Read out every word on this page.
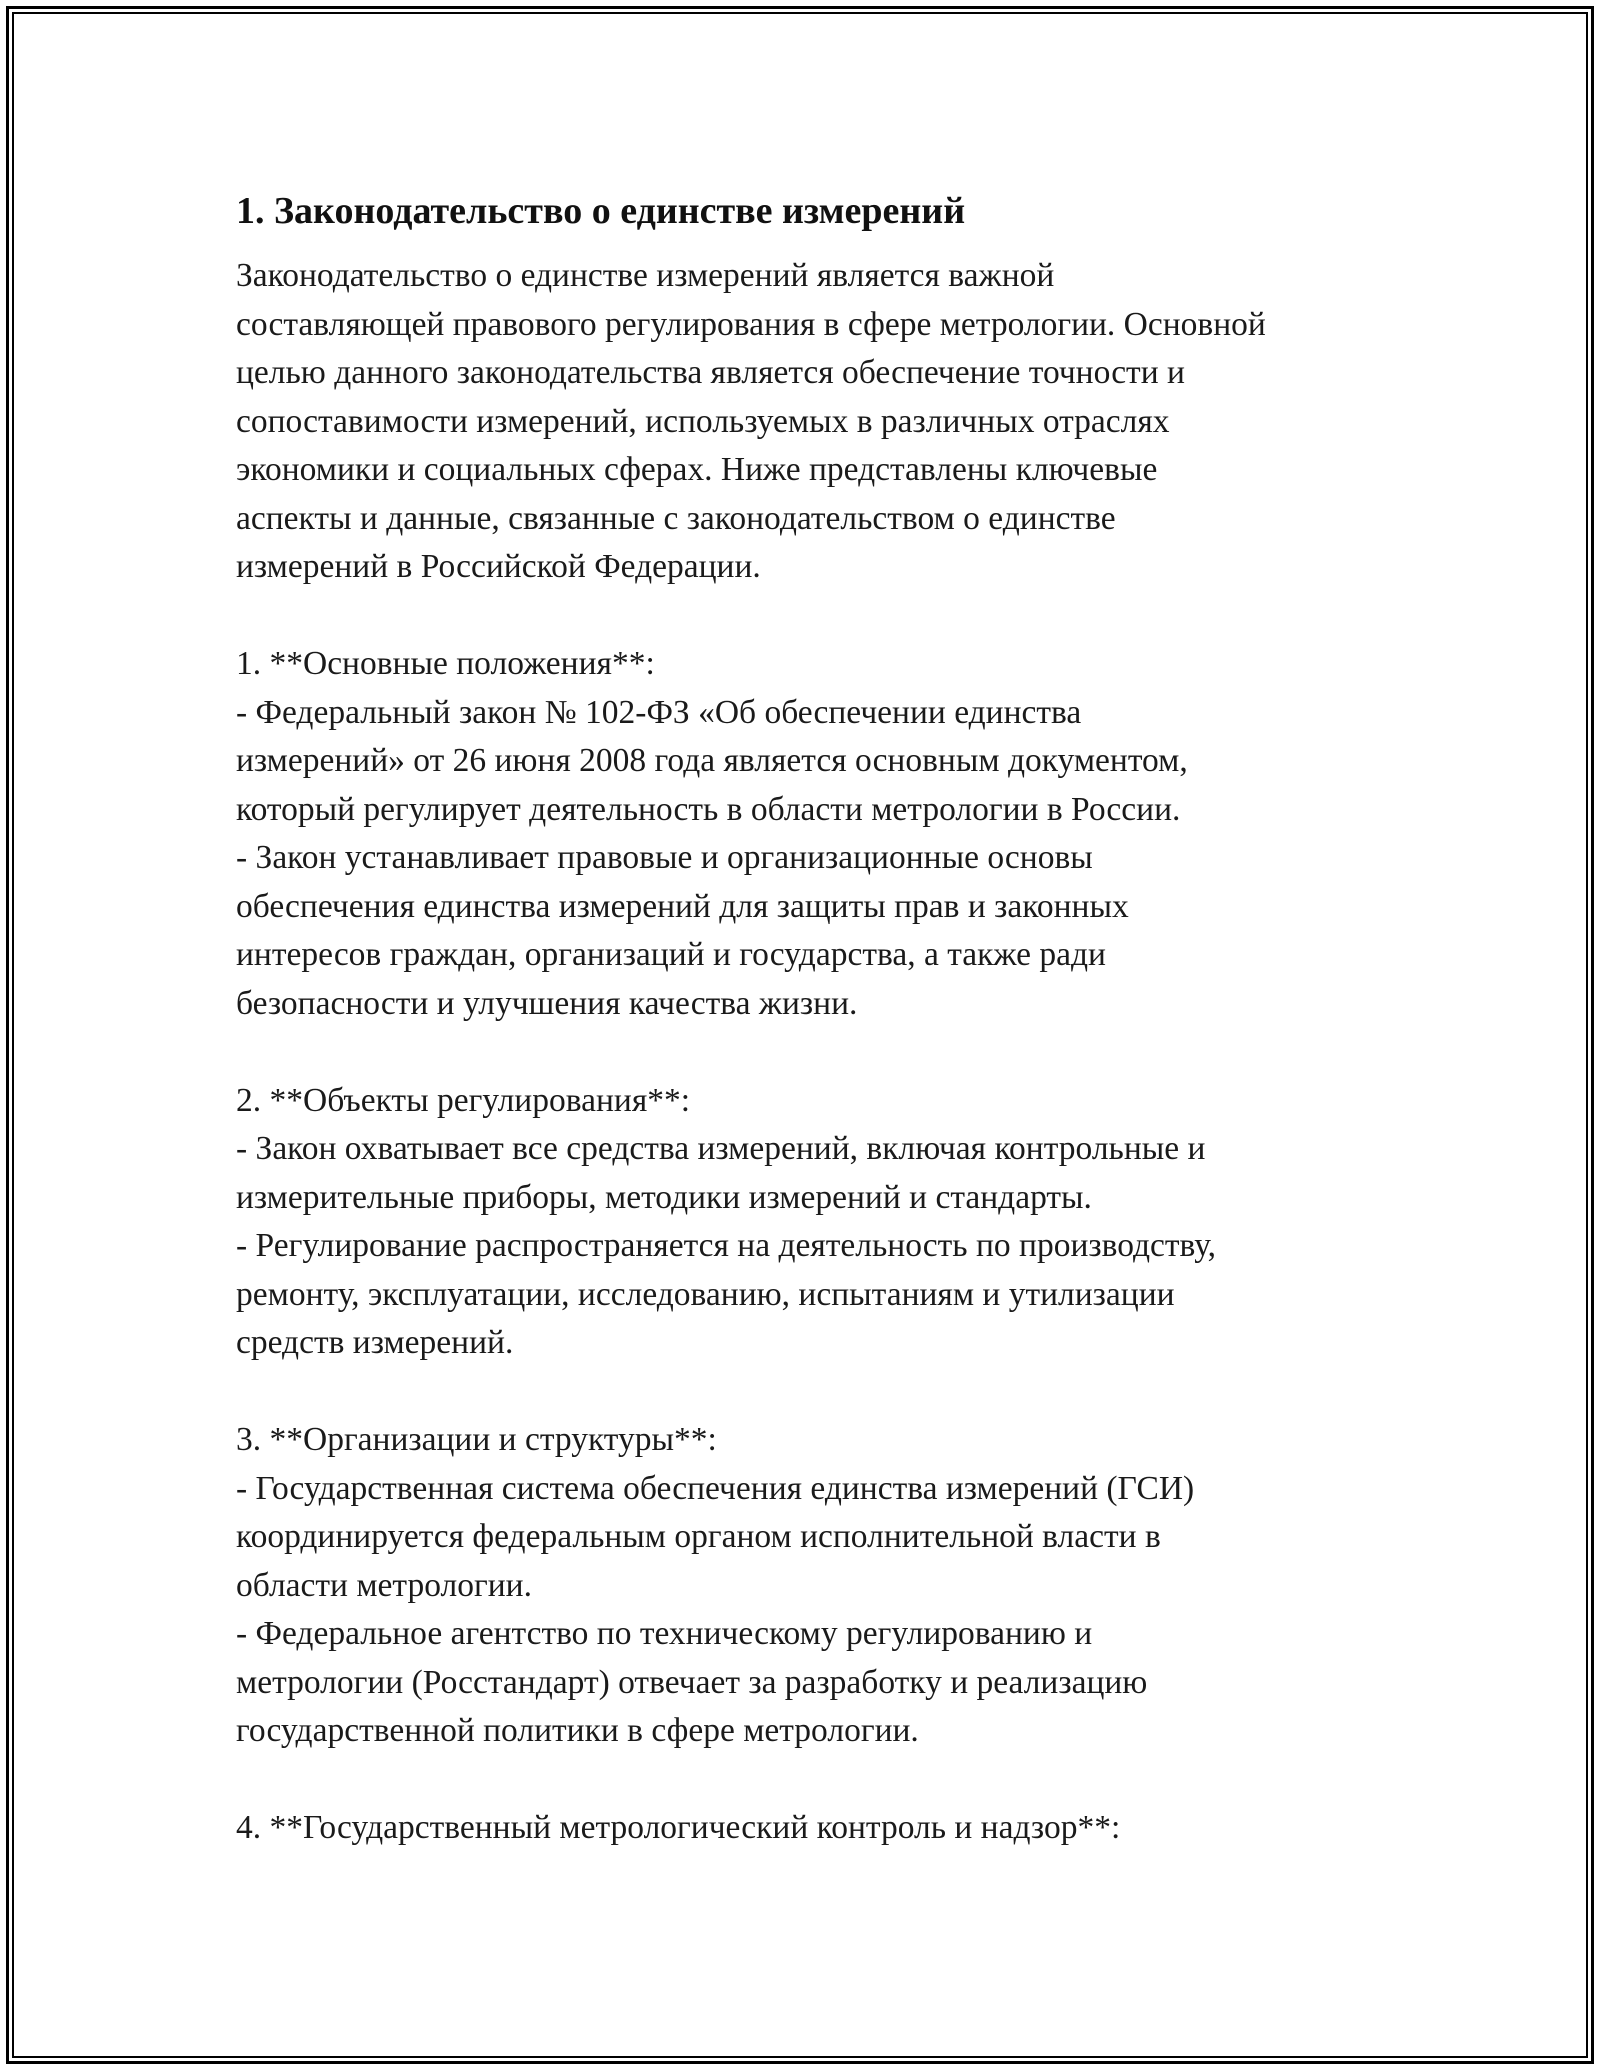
1. Законодательство о единстве измерений

Законодательство о единстве измерений является важной
составляющей правового регулирования в сфере метрологии. Основной
целью данного законодательства является обеспечение точности и
сопоставимости измерений, используемых в различных отраслях
экономики и социальных сферах. Ниже представлены ключевые
аспекты и данные, связанные с законодательством о единстве
измерений в Российской Федерации.

1. **Основные положения**:
- Федеральный закон № 102-ФЗ «Об обеспечении единства
измерений» от 26 июня 2008 года является основным документом,
который регулирует деятельность в области метрологии в России.
- Закон устанавливает правовые и организационные основы
обеспечения единства измерений для защиты прав и законных
интересов граждан, организаций и государства, а также ради
безопасности и улучшения качества жизни.

2. **Объекты регулирования**:
- Закон охватывает все средства измерений, включая контрольные и
измерительные приборы, методики измерений и стандарты.
- Регулирование распространяется на деятельность по производству,
ремонту, эксплуатации, исследованию, испытаниям и утилизации
средств измерений.

3. **Организации и структуры**:
- Государственная система обеспечения единства измерений (ГСИ)
координируется федеральным органом исполнительной власти в
области метрологии.
- Федеральное агентство по техническому регулированию и
метрологии (Росстандарт) отвечает за разработку и реализацию
государственной политики в сфере метрологии.

4. **Государственный метрологический контроль и надзор**:
